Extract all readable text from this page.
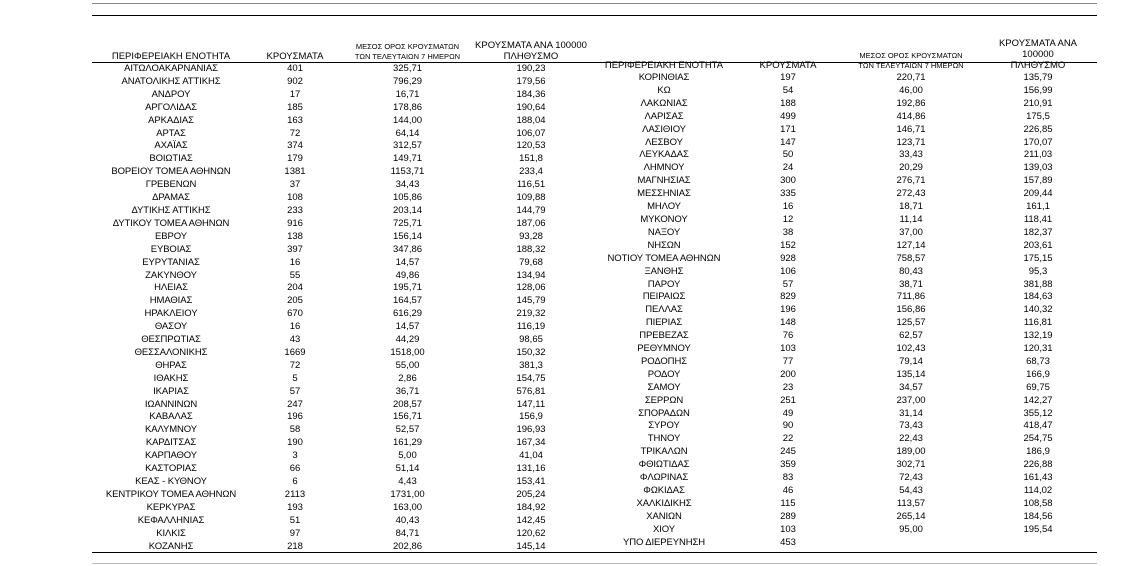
ΠΕΡΙΦΕΡΕΙΑΚΗ ΕΝΟΤΗΤΑ	ΚΡΟΥΣΜΑΤΑ	ΜΕΣΟΣ ΟΡΟΣ ΚΡΟΥΣΜΑΤΩΝ
ΤΩΝ ΤΕΛΕΥΤΑΙΩΝ 7 ΗΜΕΡΩΝ	ΚΡΟΥΣΜΑΤΑ ΑΝΑ 100000
ΠΛΗΘΥΣΜΟ
ΑΙΤΩΛΟΑΚΑΡΝΑΝΙΑΣ	401	325,71	190,23
ΑΝΑΤΟΛΙΚΗΣ ΑΤΤΙΚΗΣ	902	796,29	179,56
ΑΝΔΡΟΥ	17	16,71	184,36
ΑΡΓΟΛΙΔΑΣ	185	178,86	190,64
ΑΡΚΑΔΙΑΣ	163	144,00	188,04
ΑΡΤΑΣ	72	64,14	106,07
ΑΧΑΪΑΣ	374	312,57	120,53
ΒΟΙΩΤΙΑΣ	179	149,71	151,8
ΒΟΡΕΙΟΥ ΤΟΜΕΑ ΑΘΗΝΩΝ	1381	1153,71	233,4
ΓΡΕΒΕΝΩΝ	37	34,43	116,51
ΔΡΑΜΑΣ	108	105,86	109,88
ΔΥΤΙΚΗΣ ΑΤΤΙΚΗΣ	233	203,14	144,79
ΔΥΤΙΚΟΥ ΤΟΜΕΑ ΑΘΗΝΩΝ	916	725,71	187,06
ΕΒΡΟΥ	138	156,14	93,28
ΕΥΒΟΙΑΣ	397	347,86	188,32
ΕΥΡΥΤΑΝΙΑΣ	16	14,57	79,68
ΖΑΚΥΝΘΟΥ	55	49,86	134,94
ΗΛΕΙΑΣ	204	195,71	128,06
ΗΜΑΘΙΑΣ	205	164,57	145,79
ΗΡΑΚΛΕΙΟΥ	670	616,29	219,32
ΘΑΣΟΥ	16	14,57	116,19
ΘΕΣΠΡΩΤΙΑΣ	43	44,29	98,65
ΘΕΣΣΑΛΟΝΙΚΗΣ	1669	1518,00	150,32
ΘΗΡΑΣ	72	55,00	381,3
ΙΘΑΚΗΣ	5	2,86	154,75
ΙΚΑΡΙΑΣ	57	36,71	576,81
ΙΩΑΝΝΙΝΩΝ	247	208,57	147,11
ΚΑΒΑΛΑΣ	196	156,71	156,9
ΚΑΛΥΜΝΟΥ	58	52,57	196,93
ΚΑΡΔΙΤΣΑΣ	190	161,29	167,34
ΚΑΡΠΑΘΟΥ	3	5,00	41,04
ΚΑΣΤΟΡΙΑΣ	66	51,14	131,16
ΚΕΑΣ - ΚΥΘΝΟΥ	6	4,43	153,41
ΚΕΝΤΡΙΚΟΥ ΤΟΜΕΑ ΑΘΗΝΩΝ	2113	1731,00	205,24
ΚΕΡΚΥΡΑΣ	193	163,00	184,92
ΚΕΦΑΛΛΗΝΙΑΣ	51	40,43	142,45
ΚΙΛΚΙΣ	97	84,71	120,62
ΚΟΖΑΝΗΣ	218	202,86	145,14
ΠΕΡΙΦΕΡΕΙΑΚΗ ΕΝΟΤΗΤΑ	ΚΡΟΥΣΜΑΤΑ	ΜΕΣΟΣ ΟΡΟΣ ΚΡΟΥΣΜΑΤΩΝ
ΤΩΝ ΤΕΛΕΥΤΑΙΩΝ 7 ΗΜΕΡΩΝ	ΚΡΟΥΣΜΑΤΑ ΑΝΑ 100000
ΠΛΗΘΥΣΜΟ
ΚΟΡΙΝΘΙΑΣ	197	220,71	135,79
ΚΩ	54	46,00	156,99
ΛΑΚΩΝΙΑΣ	188	192,86	210,91
ΛΑΡΙΣΑΣ	499	414,86	175,5
ΛΑΣΙΘΙΟΥ	171	146,71	226,85
ΛΕΣΒΟΥ	147	123,71	170,07
ΛΕΥΚΑΔΑΣ	50	33,43	211,03
ΛΗΜΝΟΥ	24	20,29	139,03
ΜΑΓΝΗΣΙΑΣ	300	276,71	157,89
ΜΕΣΣΗΝΙΑΣ	335	272,43	209,44
ΜΗΛΟΥ	16	18,71	161,1
ΜΥΚΟΝΟΥ	12	11,14	118,41
ΝΑΞΟΥ	38	37,00	182,37
ΝΗΣΩΝ	152	127,14	203,61
ΝΟΤΙΟΥ ΤΟΜΕΑ ΑΘΗΝΩΝ	928	758,57	175,15
ΞΑΝΘΗΣ	106	80,43	95,3
ΠΑΡΟΥ	57	38,71	381,88
ΠΕΙΡΑΙΩΣ	829	711,86	184,63
ΠΕΛΛΑΣ	196	156,86	140,32
ΠΙΕΡΙΑΣ	148	125,57	116,81
ΠΡΕΒΕΖΑΣ	76	62,57	132,19
ΡΕΘΥΜΝΟΥ	103	102,43	120,31
ΡΟΔΟΠΗΣ	77	79,14	68,73
ΡΟΔΟΥ	200	135,14	166,9
ΣΑΜΟΥ	23	34,57	69,75
ΣΕΡΡΩΝ	251	237,00	142,27
ΣΠΟΡΑΔΩΝ	49	31,14	355,12
ΣΥΡΟΥ	90	73,43	418,47
ΤΗΝΟΥ	22	22,43	254,75
ΤΡΙΚΑΛΩΝ	245	189,00	186,9
ΦΘΙΩΤΙΔΑΣ	359	302,71	226,88
ΦΛΩΡΙΝΑΣ	83	72,43	161,43
ΦΩΚΙΔΑΣ	46	54,43	114,02
ΧΑΛΚΙΔΙΚΗΣ	115	113,57	108,58
ΧΑΝΙΩΝ	289	265,14	184,56
ΧΙΟΥ	103	95,00	195,54
ΥΠΟ ΔΙΕΡΕΥΝΗΣΗ	453		
